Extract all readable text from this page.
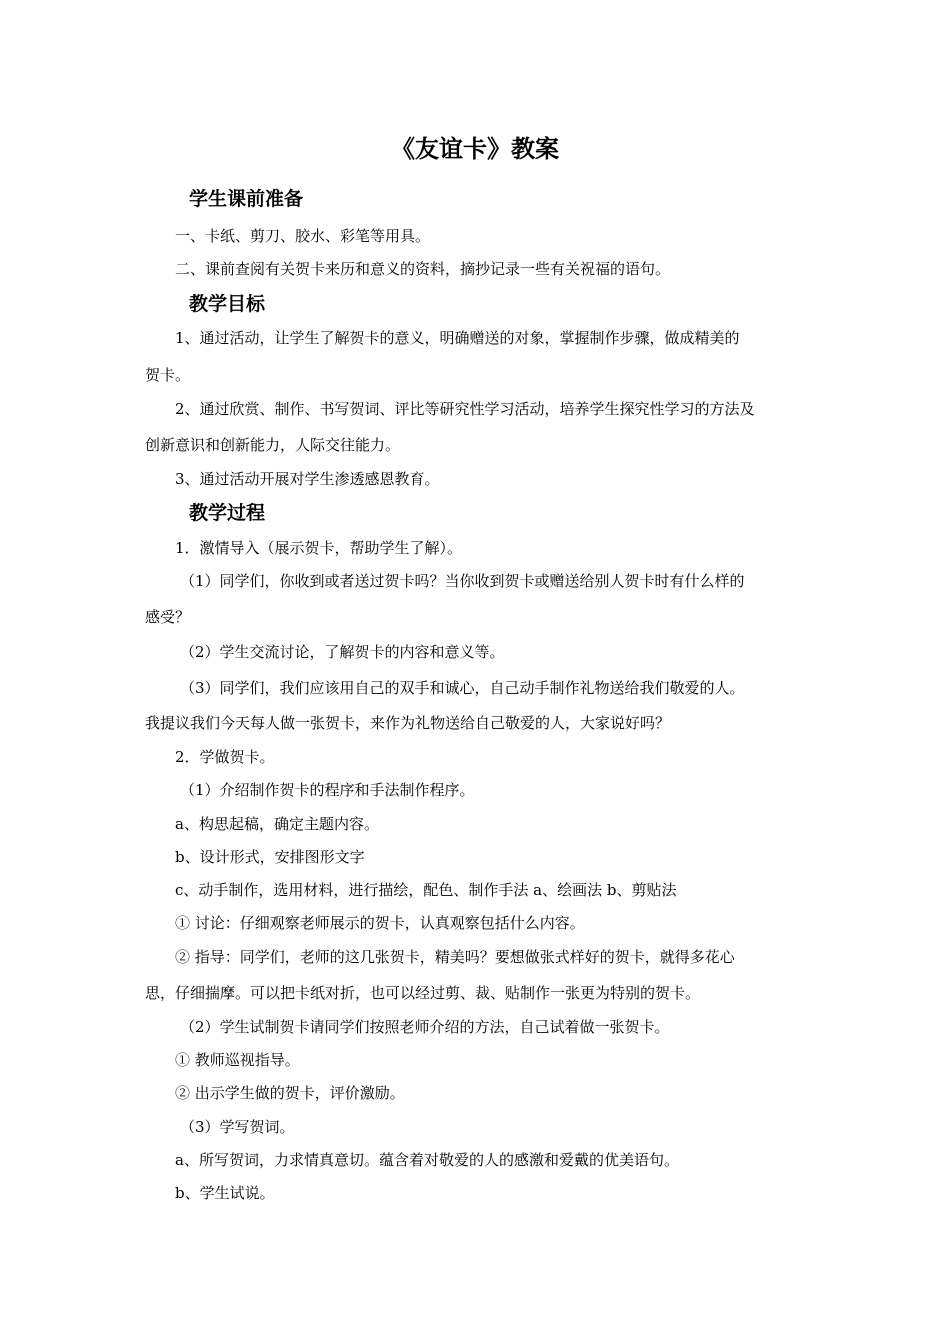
《友谊卡》教案
学生课前准备
一、卡纸、剪刀、胶水、彩笔等用具。
二、课前查阅有关贺卡来历和意义的资料，摘抄记录一些有关祝福的语句。
教学目标
1、通过活动，让学生了解贺卡的意义，明确赠送的对象，掌握制作步骤，做成精美的
贺卡。
2、通过欣赏、制作、书写贺词、评比等研究性学习活动，培养学生探究性学习的方法及
创新意识和创新能力，人际交往能力。
3、通过活动开展对学生渗透感恩教育。
教学过程
1．激情导入（展示贺卡，帮助学生了解）。
（1）同学们，你收到或者送过贺卡吗？当你收到贺卡或赠送给别人贺卡时有什么样的
感受？
（2）学生交流讨论，了解贺卡的内容和意义等。
（3）同学们，我们应该用自己的双手和诚心，自己动手制作礼物送给我们敬爱的人。
我提议我们今天每人做一张贺卡，来作为礼物送给自己敬爱的人，大家说好吗？
2．学做贺卡。
（1）介绍制作贺卡的程序和手法制作程序。
a、构思起稿，确定主题内容。
b、设计形式，安排图形文字
c、动手制作，选用材料，进行描绘，配色、制作手法 a、绘画法 b、剪贴法
① 讨论：仔细观察老师展示的贺卡，认真观察包括什么内容。
② 指导：同学们，老师的这几张贺卡，精美吗？要想做张式样好的贺卡，就得多花心
思，仔细揣摩。可以把卡纸对折，也可以经过剪、裁、贴制作一张更为特别的贺卡。
（2）学生试制贺卡请同学们按照老师介绍的方法，自己试着做一张贺卡。
① 教师巡视指导。
② 出示学生做的贺卡，评价激励。
（3）学写贺词。
a、所写贺词，力求情真意切。蕴含着对敬爱的人的感激和爱戴的优美语句。
b、学生试说。
